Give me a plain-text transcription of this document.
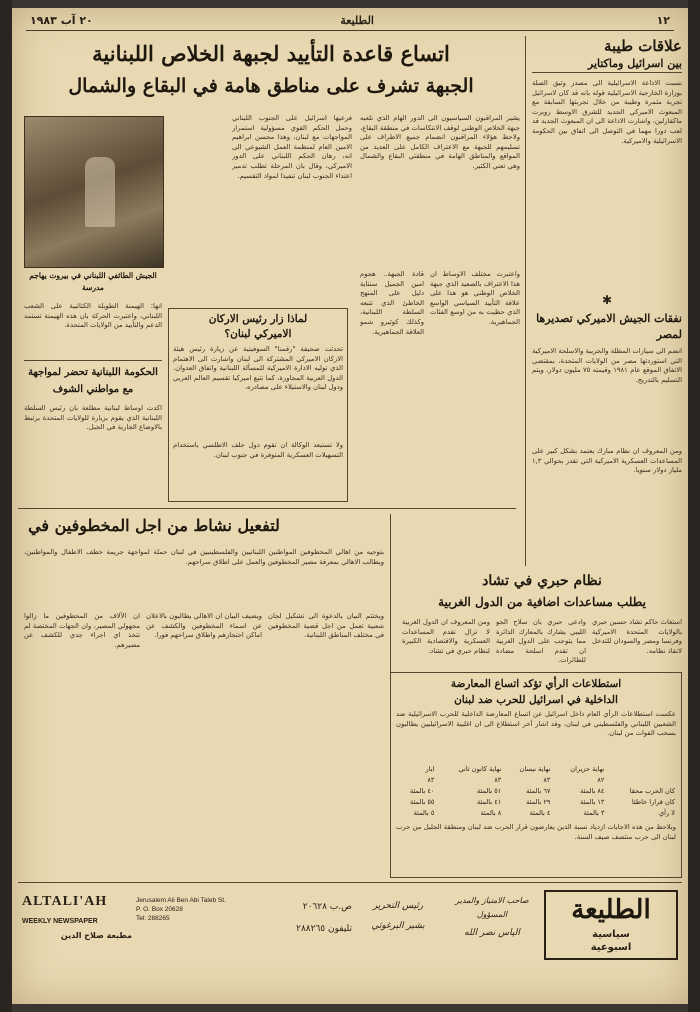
١٢
الطليعة
٢٠ آب ١٩٨٣
علاقات طيبة
بين اسرائيل وماكتاير
نسبت الاذاعة الاسرائيلية الى مصدر وثيق الصلة بوزارة الخارجية الاسرائيلية قوله بانه قد كان لاسرائيل تجربة مثمرة وطيبة من خلال تجربتها السابقة مع المبعوث الاميركي الجديد للشرق الاوسط روبرت ماكفارلين، واشارت الاذاعة الى ان المبعوث الجديد قد لعب دورا مهما في التوصل الى اتفاق بين الحكومة الاسرائيلية والاميركية.
✱
نفقات الجيش الاميركي تصديرها لمصر
انضم الى سيارات المظلة والحربية والاسلحة الاميركية التي استوردتها مصر من الولايات المتحدة، بمقتضى الاتفاق الموقع عام ١٩٨١ وقيمته ٧٥ مليون دولار، ويتم التسليم بالتدريج.
ومن المعروف ان نظام مبارك يعتمد بشكل كبير على المساعدات العسكرية الاميركية التي تقدر بحوالي ١,٣ مليار دولار سنويا.
اتساع قاعدة التأييد لجبهة الخلاص اللبنانية
الجبهة تشرف على مناطق هامة في البقاع والشمال
يشير المراقبون السياسيون الى الدور الهام الذي تلعبه جبهة الخلاص الوطني لوقف الانتكاسات في منطقة البقاع، ولاحظ هؤلاء المراقبون انضمام جميع الاطراف على تسليمهم للجبهة مع الاعتراف الكامل على العديد من المواقع والمناطق الهامة في منطقتي البقاع والشمال وهي تعني الكثير.
واعتبرت مختلف الاوساط ان هذا الاعتراف بالصعيد الذي جبهة الخلاص الوطني هو هذا على علاقة التأييد السياسي الواسع الذي حظيت به من اوسع الفئات الجماهيرية.
قادة الجبهة.. هجوم امين الجميل سنتاية دليل على المنهج الخاطئ الذي تتبعه السلطة اللبنانية، وكذلك كوثيرو شمو العلاقة الجماهيرية.
فرعيها اسرائيل على الجنوب اللبناني وحمل الحكم القوي مسؤولية استمرار المواجهات مع لبنان، وهذا محسن ابراهيم الامين العام لمنظمة العمل الشيوعي الى انه، رهان الحكم اللبناني على الدور الاميركي، وقال بان المرحلة تطلب تدمير اعتداء الجنوب لبنان تنفيذا لمواد التقسيم.
الجيش الطائفي اللبناني في بيروت يهاجم مدرسة
انها: الهيمنة الطويلة الكتائبية على الشعب اللبناني، واعتبرت الحركة بان هذه الهيمنة تستمد الدعم والتأييد من الولايات المتحدة.
الحكومة اللبنانية تحضر لمواجهة مع مواطني الشوف
اكدت اوساط لبنانية مطلعة بان رئيس السلطة اللبنانية الذي يقوم بزيارة للولايات المتحدة يرتبط بالاوضاع الجارية في الجبل.
لماذا زار رئيس الاركان
الاميركي لبنان؟
تحدثت صحيفة "رقمنا" السوفيتية عن زيارة رئيس هيئة الاركان الاميركي المشتركة الى لبنان واشارت الى الاهتمام الذي توليه الادارة الاميركية للمسألة اللبنانية واتفاق العدوان. الدول العربية المجاورة، كما تتبع اميركيا تقسيم العالم العربي ودول لبنان والاستيلاء على مصادره.
ولا تستبعد الوكالة ان تقوم دول حلف الاطلسي باستخدام التسهيلات العسكرية المتوفرة في جنوب لبنان.
لتفعيل نشاط من اجل المخطوفين في
بتوجيه من اهالي المخطوفين المواطنين اللبنانيين والفلسطينيين في لبنان حملة لمواجهة جريمة خطف الاطفال والمواطنين، ويطالب الاهالي بمعرفة مصير المخطوفين والعمل على اطلاق سراحهم.
ان الآلاف من المخطوفين ما زالوا مجهولي المصير، وان الجهات المختصة لم تتخذ اي اجراء جدي للكشف عن مصيرهم.
ويضيف البيان ان الاهالي يطالبون بالاعلان عن اسماء المخطوفين والكشف عن اماكن احتجازهم واطلاق سراحهم فورا.
ويختتم البيان بالدعوة الى تشكيل لجان شعبية تعمل من اجل قضية المخطوفين في مختلف المناطق اللبنانية.
نظام حبري في تشاد
يطلب مساعدات اضافية من الدول الغربية
استغاث حاكم تشاد حسين حبري بالولايات المتحدة الاميركية وفرنسا ومصر والسودان للتدخل لانقاذ نظامه.
وادعى حبري بان سلاح الجو الليبي يشارك بالمعارك الدائرة مما يتوجب على الدول الغربية ان تقدم اسلحة مضادة للطائرات.
ومن المعروف ان الدول الغربية لا تزال تقدم المساعدات العسكرية والاقتصادية الكبيرة لنظام حبري في تشاد.
استطلاعات الرأي تؤكد اتساع المعارضة
الداخلية في اسرائيل للحرب ضد لبنان
عكست استطلاعات الرأي العام داخل اسرائيل عن اتساع المعارضة الداخلية للحرب الاسرائيلية ضد الشعبين اللبناني والفلسطيني في لبنان، وقد اشار آخر استطلاع الى ان اغلبية الاسرائيليين يطالبون بسحب القوات من لبنان.
	نهاية حزيران	نهاية نيسان	نهاية كانون ثاني	ايار
	٨٢	٨٣	٨٣	٨٣
كان الحرب محقا	٨٤ بالمئة	٦٧ بالمئة	٥١ بالمئة	٤٠ بالمئة
كان قرارا خاطئا	١٣ بالمئة	٢٩ بالمئة	٤١ بالمئة	٥٥ بالمئة
لا رأي	٣ بالمئة	٤ بالمئة	٨ بالمئة	٥ بالمئة
وبلاحظ من هذه الاجابات ازدياد نسبة الذين يعارضون قرار الحرب ضد لبنان ومنطقة الجليل من حرب لبنان الى حرب منتصف صيف السنة.
ALTALI'AH
WEEKLY NEWSPAPER
مطبعة صلاح الدين
Jerusalem Ali Ben Abi Taleb St.
P. O. Box 20628
Tel: 288265
ص.ب ٢٠٦٢٨
تليفون ٢٨٨٢٦٥
رئيس التحرير
بشير البرغوثي
صاحب الامتياز والمدير المسؤول
الياس نصر الله
الطليعة
سياسية
اسبوعية
